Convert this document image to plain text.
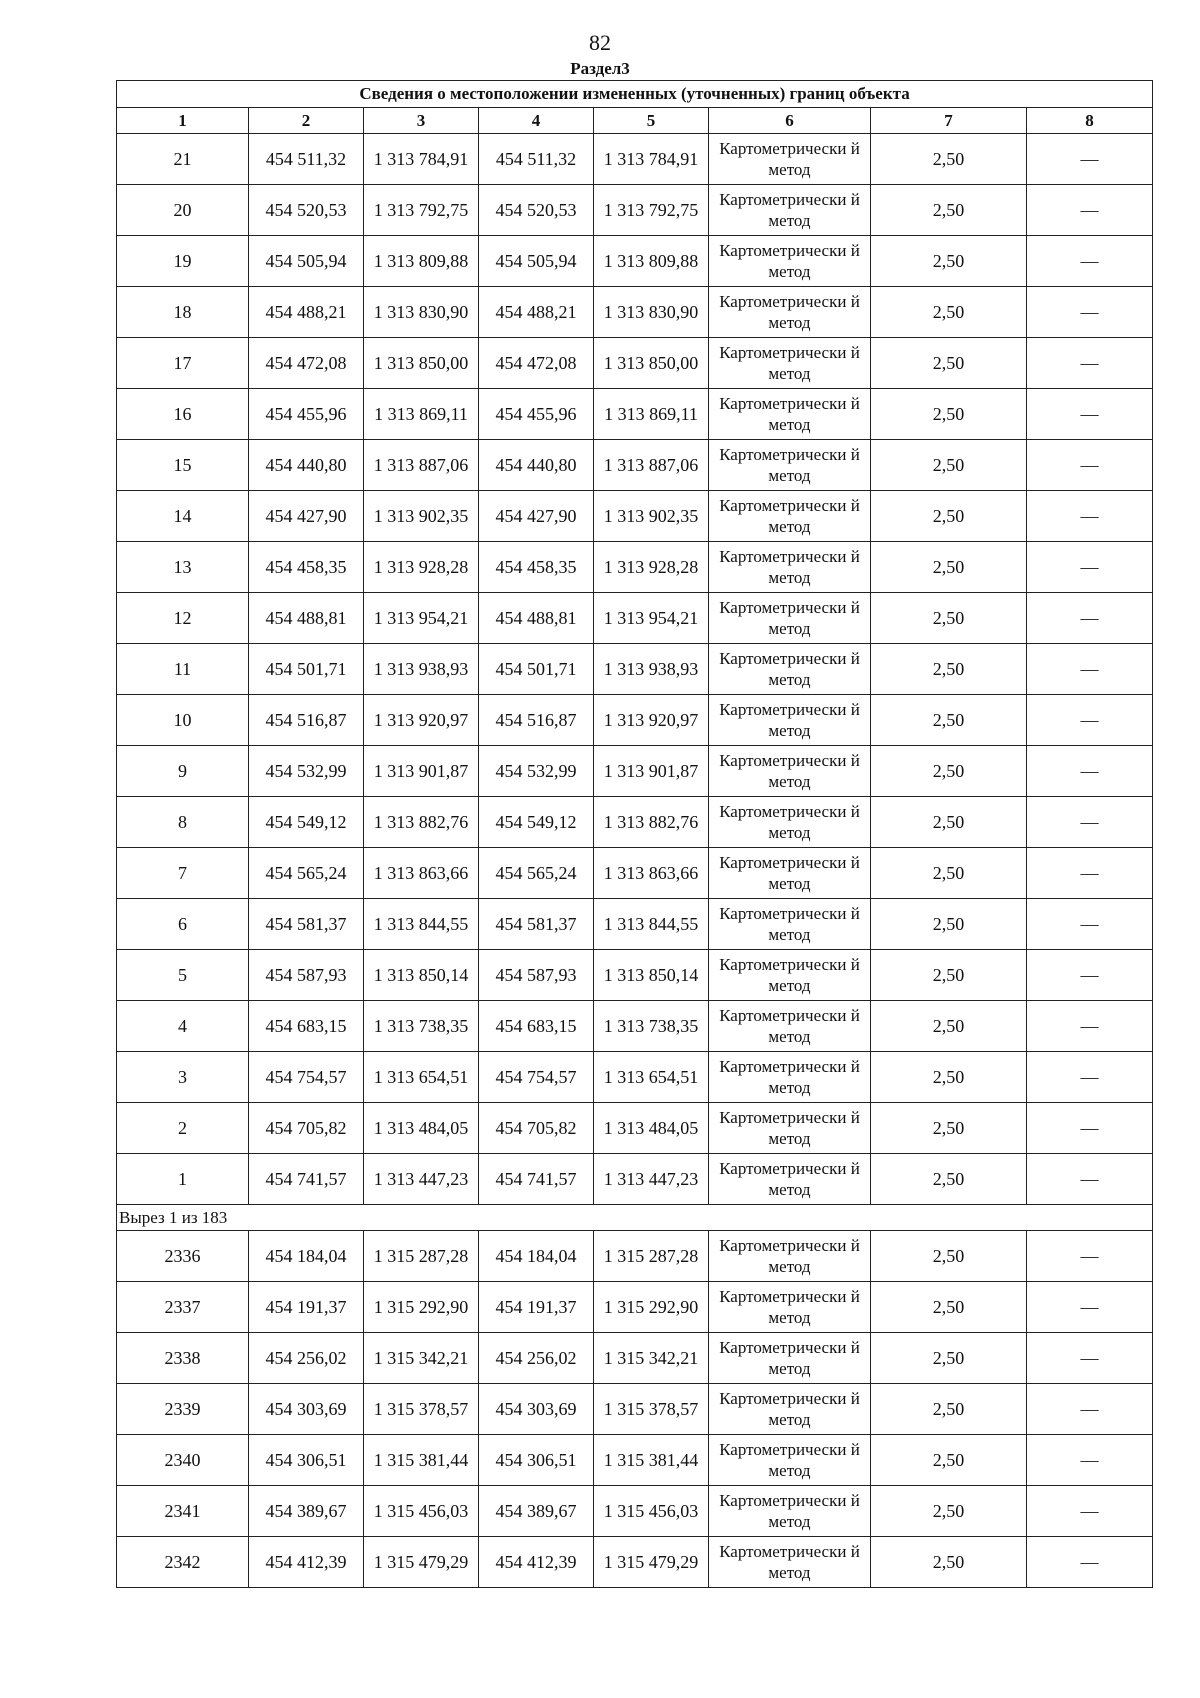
82
Раздел3
Сведения о местоположении измененных (уточненных) границ объекта							
1	2	3	4	5	6	7	8
21	454 511,32	1 313 784,91	454 511,32	1 313 784,91	Картометрически й метод	2,50	—
20	454 520,53	1 313 792,75	454 520,53	1 313 792,75	Картометрически й метод	2,50	—
19	454 505,94	1 313 809,88	454 505,94	1 313 809,88	Картометрически й метод	2,50	—
18	454 488,21	1 313 830,90	454 488,21	1 313 830,90	Картометрически й метод	2,50	—
17	454 472,08	1 313 850,00	454 472,08	1 313 850,00	Картометрически й метод	2,50	—
16	454 455,96	1 313 869,11	454 455,96	1 313 869,11	Картометрически й метод	2,50	—
15	454 440,80	1 313 887,06	454 440,80	1 313 887,06	Картометрически й метод	2,50	—
14	454 427,90	1 313 902,35	454 427,90	1 313 902,35	Картометрически й метод	2,50	—
13	454 458,35	1 313 928,28	454 458,35	1 313 928,28	Картометрически й метод	2,50	—
12	454 488,81	1 313 954,21	454 488,81	1 313 954,21	Картометрически й метод	2,50	—
11	454 501,71	1 313 938,93	454 501,71	1 313 938,93	Картометрически й метод	2,50	—
10	454 516,87	1 313 920,97	454 516,87	1 313 920,97	Картометрически й метод	2,50	—
9	454 532,99	1 313 901,87	454 532,99	1 313 901,87	Картометрически й метод	2,50	—
8	454 549,12	1 313 882,76	454 549,12	1 313 882,76	Картометрически й метод	2,50	—
7	454 565,24	1 313 863,66	454 565,24	1 313 863,66	Картометрически й метод	2,50	—
6	454 581,37	1 313 844,55	454 581,37	1 313 844,55	Картометрически й метод	2,50	—
5	454 587,93	1 313 850,14	454 587,93	1 313 850,14	Картометрически й метод	2,50	—
4	454 683,15	1 313 738,35	454 683,15	1 313 738,35	Картометрически й метод	2,50	—
3	454 754,57	1 313 654,51	454 754,57	1 313 654,51	Картометрически й метод	2,50	—
2	454 705,82	1 313 484,05	454 705,82	1 313 484,05	Картометрически й метод	2,50	—
1	454 741,57	1 313 447,23	454 741,57	1 313 447,23	Картометрически й метод	2,50	—
Вырез 1 из 183							
2336	454 184,04	1 315 287,28	454 184,04	1 315 287,28	Картометрически й метод	2,50	—
2337	454 191,37	1 315 292,90	454 191,37	1 315 292,90	Картометрически й метод	2,50	—
2338	454 256,02	1 315 342,21	454 256,02	1 315 342,21	Картометрически й метод	2,50	—
2339	454 303,69	1 315 378,57	454 303,69	1 315 378,57	Картометрически й метод	2,50	—
2340	454 306,51	1 315 381,44	454 306,51	1 315 381,44	Картометрически й метод	2,50	—
2341	454 389,67	1 315 456,03	454 389,67	1 315 456,03	Картометрически й метод	2,50	—
2342	454 412,39	1 315 479,29	454 412,39	1 315 479,29	Картометрически й метод	2,50	—
